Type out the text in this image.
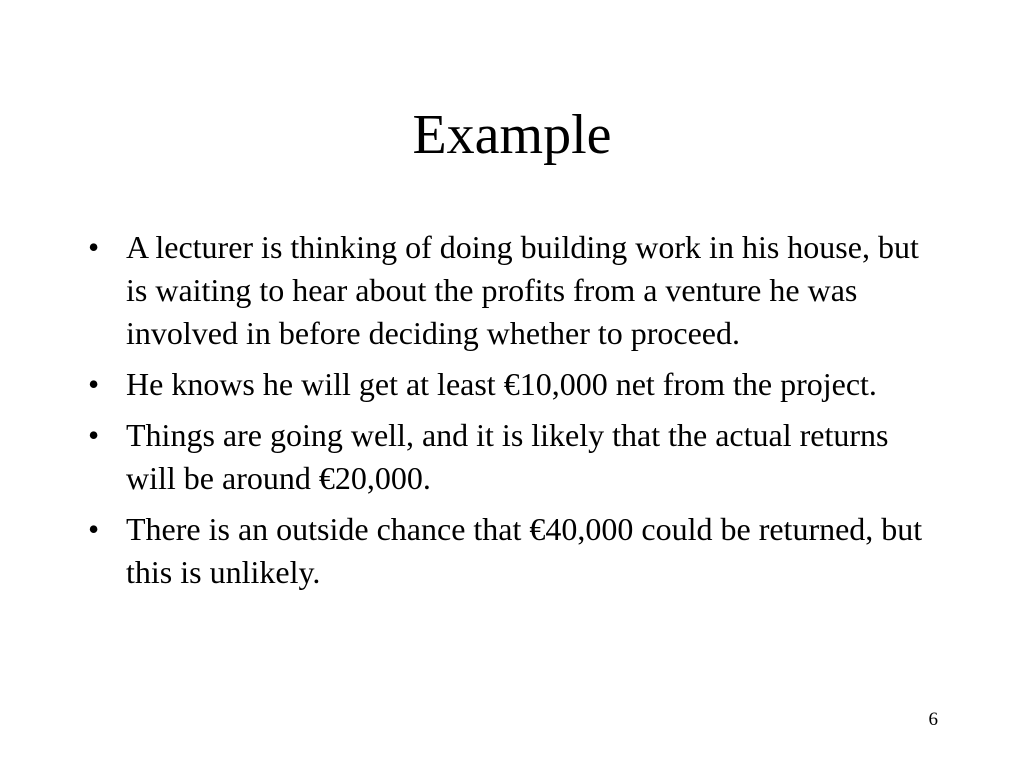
Example
• A lecturer is thinking of doing building work in his house, but is waiting to hear about the profits from a venture he was involved in before deciding whether to proceed.
• He knows he will get at least €10,000 net from the project.
• Things are going well, and it is likely that the actual returns will be around €20,000.
• There is an outside chance that €40,000 could be returned, but this is unlikely.
6
